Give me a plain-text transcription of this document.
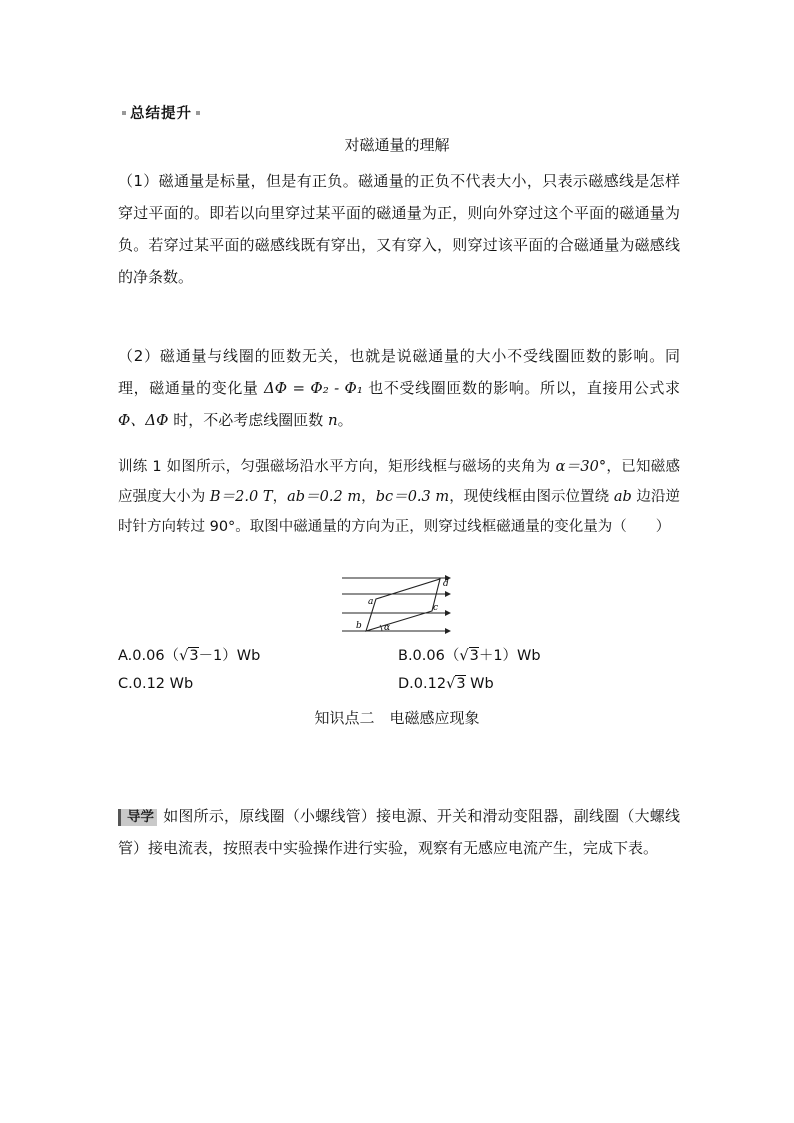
总结提升
对磁通量的理解
（1）磁通量是标量，但是有正负。磁通量的正负不代表大小，只表示磁感线是怎样穿过平面的。即若以向里穿过某平面的磁通量为正，则向外穿过这个平面的磁通量为负。若穿过某平面的磁感线既有穿出，又有穿入，则穿过该平面的合磁通量为磁感线的净条数。
（2）磁通量与线圈的匝数无关，也就是说磁通量的大小不受线圈匝数的影响。同理，磁通量的变化量 ΔΦ = Φ₂ - Φ₁ 也不受线圈匝数的影响。所以，直接用公式求 Φ、ΔΦ 时，不必考虑线圈匝数 n。
训练 1 如图所示，匀强磁场沿水平方向，矩形线框与磁场的夹角为 α＝30°，已知磁感应强度大小为 B＝2.0 T，ab＝0.2 m，bc＝0.3 m，现使线框由图示位置绕 ab 边沿逆时针方向转过 90°。取图中磁通量的方向为正，则穿过线框磁通量的变化量为（　　）
a
b
c
d
α
A.0.06（√3－1）Wb	B.0.06（√3＋1）Wb
C.0.12 Wb	D.0.12√3 Wb
知识点二　电磁感应现象
导学 如图所示，原线圈（小螺线管）接电源、开关和滑动变阻器，副线圈（大螺线管）接电流表，按照表中实验操作进行实验，观察有无感应电流产生，完成下表。
